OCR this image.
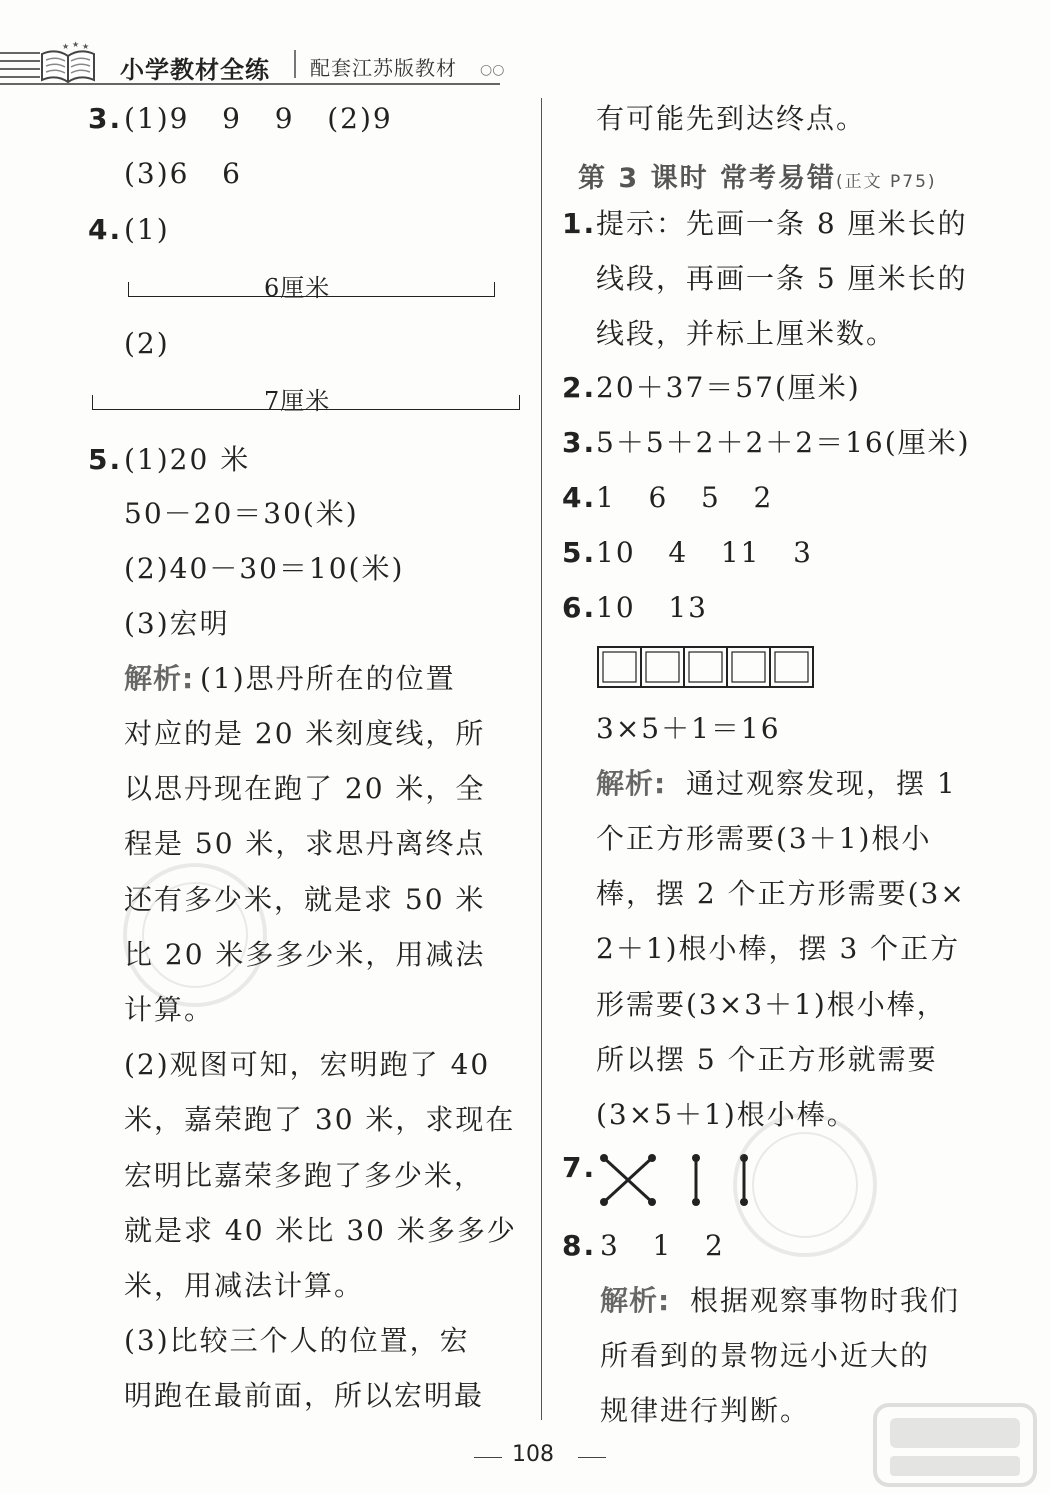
★ ★ ★
小学教材全练 配套江苏版教材 ○○
3. (1)9   9   9   (2)9
(3)6   6
4. (1)
6厘米
(2)
7厘米
5. (1)20 米
50－20＝30(米)
(2)40－30＝10(米)
(3)宏明
解析: (1)思丹所在的位置
对应的是 20 米刻度线，所
以思丹现在跑了 20 米，全
程是 50 米，求思丹离终点
还有多少米，就是求 50 米
比 20 米多多少米，用减法
计算。
(2)观图可知，宏明跑了 40
米，嘉荣跑了 30 米，求现在
宏明比嘉荣多跑了多少米，
就是求 40 米比 30 米多多少
米，用减法计算。
(3)比较三个人的位置，宏
明跑在最前面，所以宏明最
有可能先到达终点。
第 3 课时 常考易错(正文 P75)
1. 提示：先画一条 8 厘米长的
线段，再画一条 5 厘米长的
线段，并标上厘米数。
2. 20＋37＝57(厘米)
3. 5＋5＋2＋2＋2＝16(厘米)
4. 1   6   5   2
5. 10   4   11   3
6. 10   13
3×5＋1＝16
解析: 通过观察发现，摆 1
个正方形需要(3＋1)根小
棒，摆 2 个正方形需要(3×
2＋1)根小棒，摆 3 个正方
形需要(3×3＋1)根小棒，
所以摆 5 个正方形就需要
(3×5＋1)根小棒。
7.
8. 3   1   2
解析: 根据观察事物时我们
所看到的景物远小近大的
规律进行判断。
108
